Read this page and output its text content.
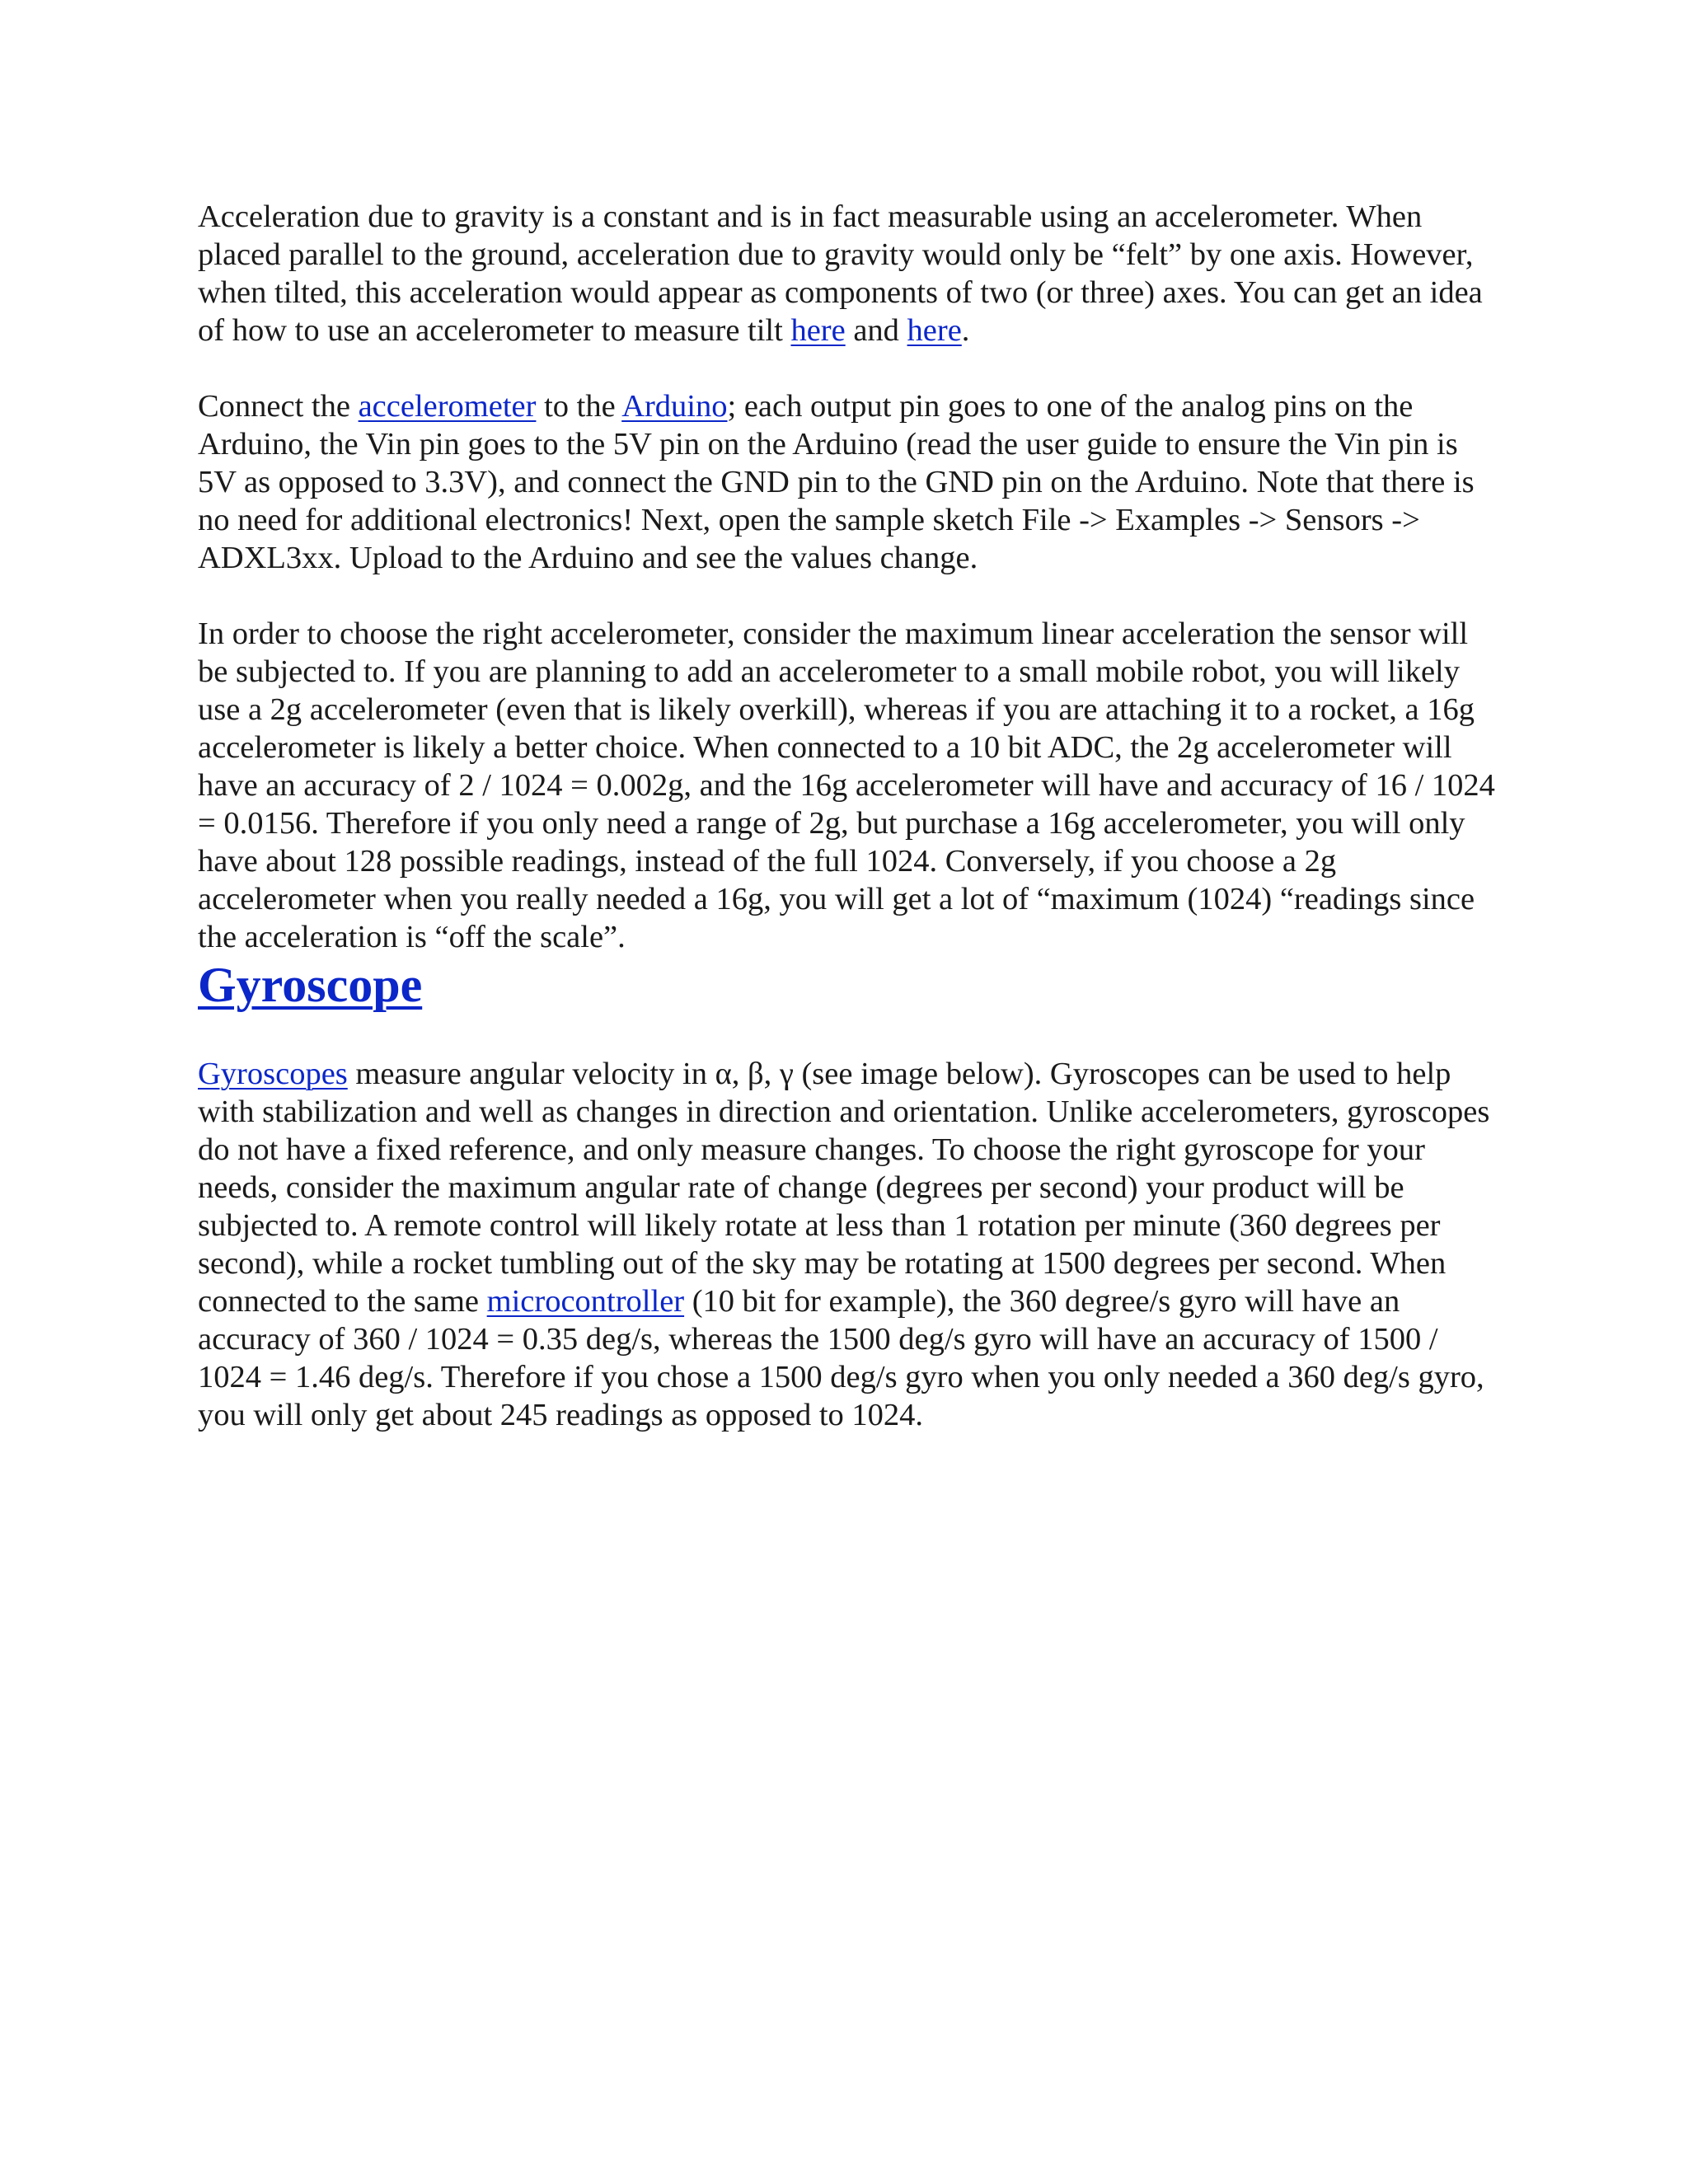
Acceleration due to gravity is a constant and is in fact measurable using an accelerometer. When placed parallel to the ground, acceleration due to gravity would only be “felt” by one axis. However, when tilted, this acceleration would appear as components of two (or three) axes. You can get an idea of how to use an accelerometer to measure tilt here and here.

Connect the accelerometer to the Arduino; each output pin goes to one of the analog pins on the Arduino, the Vin pin goes to the 5V pin on the Arduino (read the user guide to ensure the Vin pin is 5V as opposed to 3.3V), and connect the GND pin to the GND pin on the Arduino. Note that there is no need for additional electronics! Next, open the sample sketch File -> Examples -> Sensors -> ADXL3xx. Upload to the Arduino and see the values change.

In order to choose the right accelerometer, consider the maximum linear acceleration the sensor will be subjected to. If you are planning to add an accelerometer to a small mobile robot, you will likely use a 2g accelerometer (even that is likely overkill), whereas if you are attaching it to a rocket, a 16g accelerometer is likely a better choice. When connected to a 10 bit ADC, the 2g accelerometer will have an accuracy of 2 / 1024 = 0.002g, and the 16g accelerometer will have and accuracy of 16 / 1024 = 0.0156. Therefore if you only need a range of 2g, but purchase a 16g accelerometer, you will only have about 128 possible readings, instead of the full 1024. Conversely, if you choose a 2g accelerometer when you really needed a 16g, you will get a lot of “maximum (1024) “readings since the acceleration is “off the scale”.

Gyroscope

Gyroscopes measure angular velocity in α, β, γ (see image below). Gyroscopes can be used to help with stabilization and well as changes in direction and orientation. Unlike accelerometers, gyroscopes do not have a fixed reference, and only measure changes. To choose the right gyroscope for your needs, consider the maximum angular rate of change (degrees per second) your product will be subjected to. A remote control will likely rotate at less than 1 rotation per minute (360 degrees per second), while a rocket tumbling out of the sky may be rotating at 1500 degrees per second. When connected to the same microcontroller (10 bit for example), the 360 degree/s gyro will have an accuracy of 360 / 1024 = 0.35 deg/s, whereas the 1500 deg/s gyro will have an accuracy of 1500 / 1024 = 1.46 deg/s. Therefore if you chose a 1500 deg/s gyro when you only needed a 360 deg/s gyro, you will only get about 245 readings as opposed to 1024.
